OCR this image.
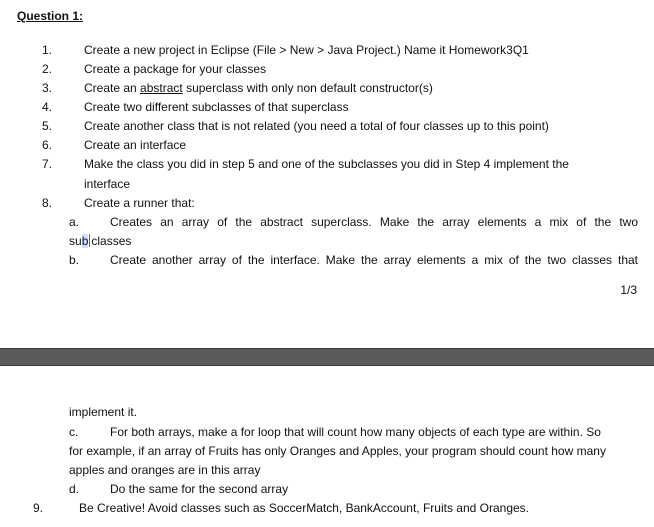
Question 1:
1.	Create a new project in Eclipse (File > New > Java Project.) Name it Homework3Q1
2.	Create a package for your classes
3.	Create an abstract superclass with only non default constructor(s)
4.	Create two different subclasses of that superclass
5.	Create another class that is not related (you need a total of four classes up to this point)
6.	Create an interface
7.	Make the class you did in step 5 and one of the subclasses you did in Step 4 implement the
interface
8.	Create a runner that:
a.	Creates an array of the abstract superclass. Make the array elements a mix of the two
sub classes
b.	Create another array of the interface. Make the array elements a mix of the two classes that
1/3
implement it.
c.	For both arrays, make a for loop that will count how many objects of each type are within. So
for example, if an array of Fruits has only Oranges and Apples, your program should count how many
apples and oranges are in this array
d.	Do the same for the second array
9.	Be Creative! Avoid classes such as SoccerMatch, BankAccount, Fruits and Oranges.
